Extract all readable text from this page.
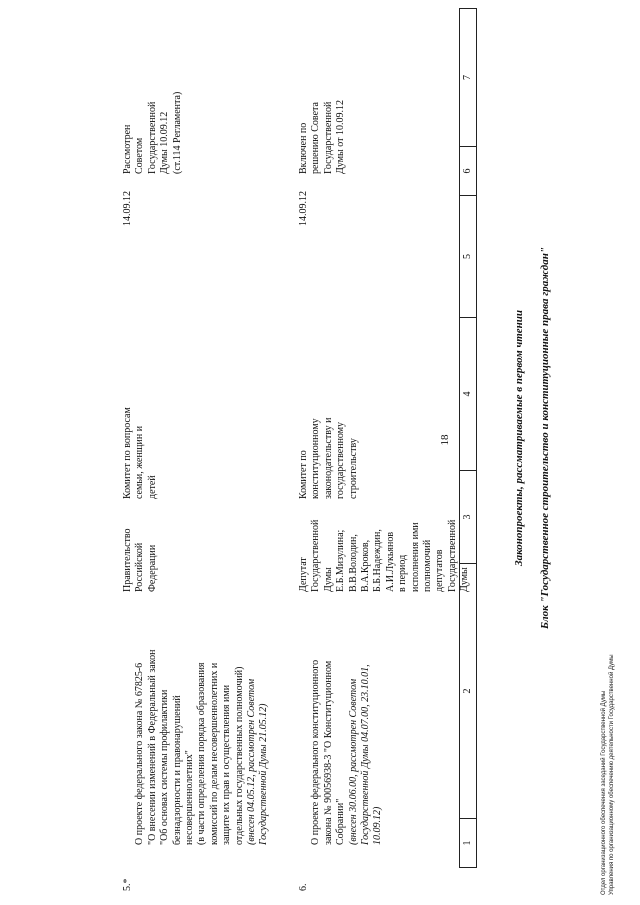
18
1
2
3
4
5
6
7
Законопроекты, рассматриваемые в первом чтении Блок "Государственное строительство и конституционные права граждан"
5.*

О проекте федерального закона № 67825-6
"О внесении изменений в Федеральный закон
"Об основах системы профилактики
безнадзорности и правонарушений
несовершеннолетних"
(в части определения порядка образования
комиссий по делам несовершеннолетних и
защите их прав и осуществления ими
отдельных государственных полномочий)
(внесен 04.05.12, рассмотрен Советом
Государственной Думы 21.05.12)

Правительство
Российской
Федерации
Комитет по вопросам
семьи, женщин и
детей
14.09.12
Рассмотрен
Советом
Государственной
Думы 10.09.12
(ст.114 Регламента)
6.

О проекте федерального конституционного
закона № 90056938-3 "О Конституционном
Собрании"
(внесен 30.06.00, рассмотрен Советом
Государственной Думы 04.07.00, 23.10.01,
10.09.12)

Депутат
Государственной
Думы
Е.Б.Мизулина;
В.В.Володин,
В.А.Кроков,
Б.Б.Надеждин,
А.И.Лукьянов
в период
исполнения ими
полномочий
депутатов
Государственной
Думы
Комитет по
конституционному
законодательству и
государственному
строительству
14.09.12
Включен по
решению Совета
Государственной
Думы от 10.09.12
Отдел организационного обеспечения заседаний Государственной Думы Управления по организационному обеспечению деятельности Государственной Думы
